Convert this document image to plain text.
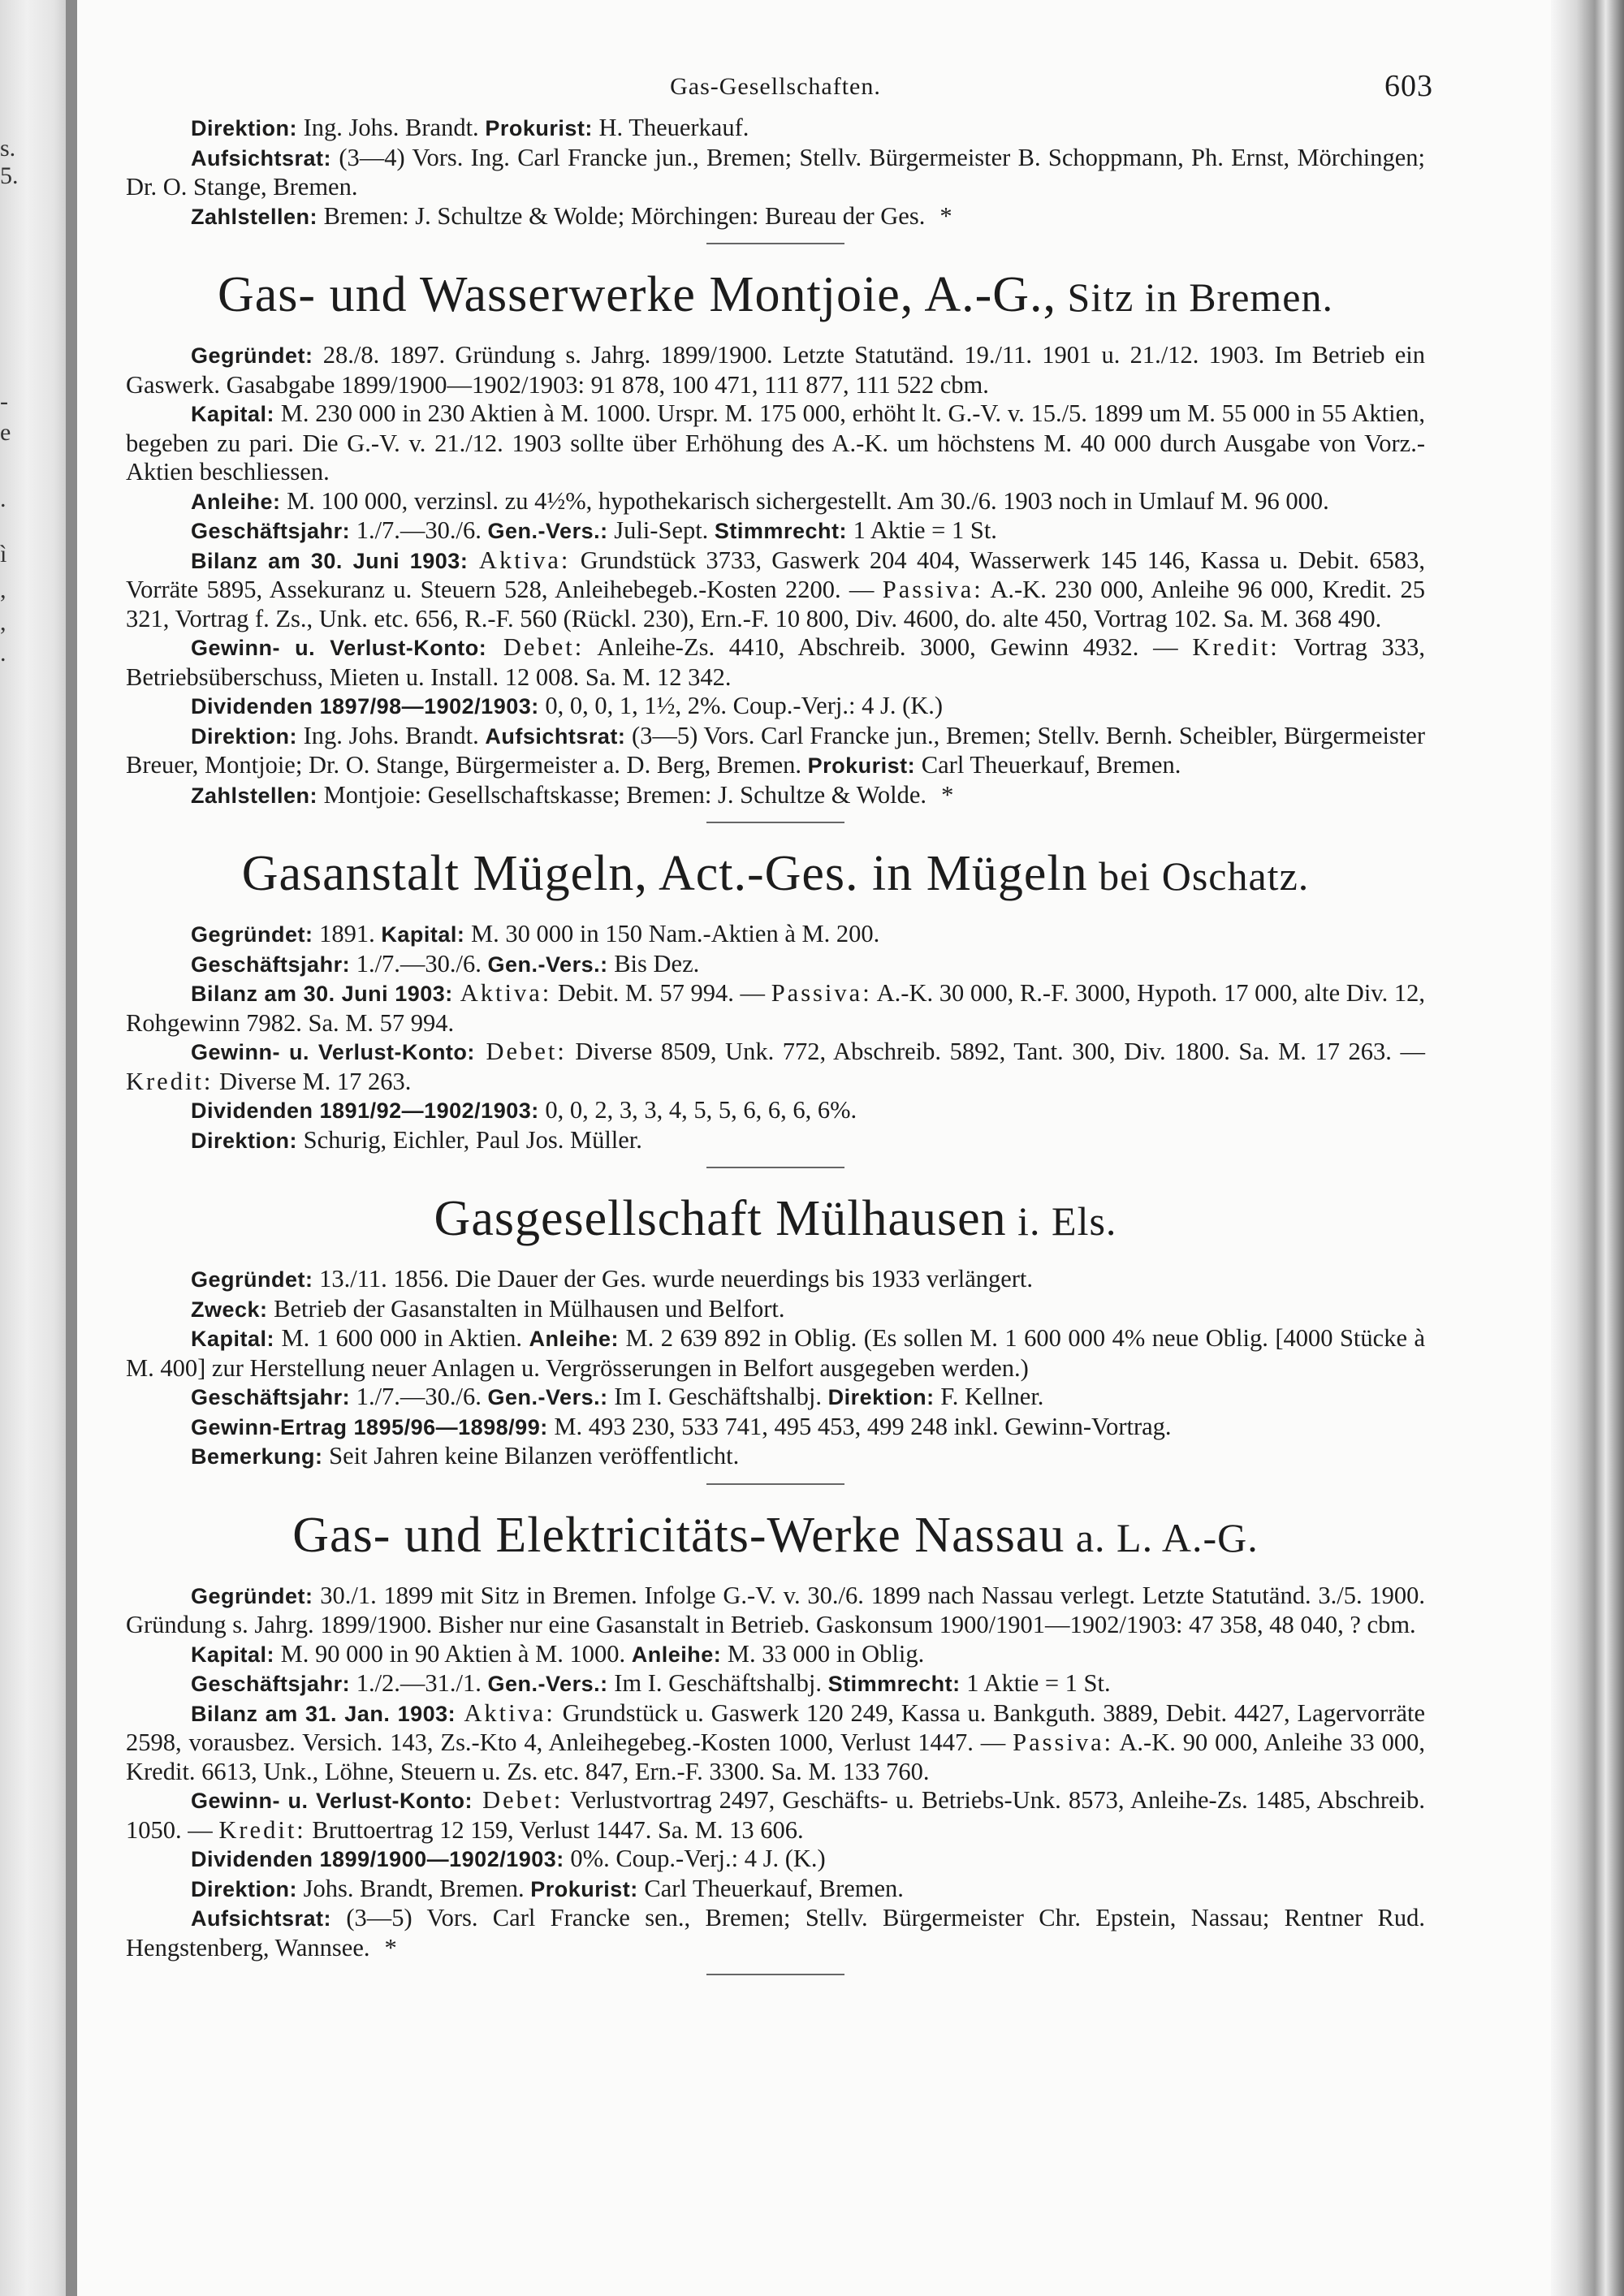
s.
5.
-
e
.
ì
,
,
.
Gas-Gesellschaften.	603

Direktion: Ing. Johs. Brandt. Prokurist: H. Theuerkauf.

Aufsichtsrat: (3—4) Vors. Ing. Carl Francke jun., Bremen; Stellv. Bürgermeister B. Schoppmann, Ph. Ernst, Mörchingen; Dr. O. Stange, Bremen.

Zahlstellen: Bremen: J. Schultze & Wolde; Mörchingen: Bureau der Ges. *

Gas- und Wasserwerke Montjoie, A.-G., Sitz in Bremen.

Gegründet: 28./8. 1897. Gründung s. Jahrg. 1899/1900. Letzte Statutänd. 19./11. 1901 u. 21./12. 1903. Im Betrieb ein Gaswerk. Gasabgabe 1899/1900—1902/1903: 91 878, 100 471, 111 877, 111 522 cbm.

Kapital: M. 230 000 in 230 Aktien à M. 1000. Urspr. M. 175 000, erhöht lt. G.-V. v. 15./5. 1899 um M. 55 000 in 55 Aktien, begeben zu pari. Die G.-V. v. 21./12. 1903 sollte über Erhöhung des A.-K. um höchstens M. 40 000 durch Ausgabe von Vorz.-Aktien beschliessen.

Anleihe: M. 100 000, verzinsl. zu 4½%, hypothekarisch sichergestellt. Am 30./6. 1903 noch in Umlauf M. 96 000.

Geschäftsjahr: 1./7.—30./6. Gen.-Vers.: Juli-Sept. Stimmrecht: 1 Aktie = 1 St.

Bilanz am 30. Juni 1903: Aktiva: Grundstück 3733, Gaswerk 204 404, Wasserwerk 145 146, Kassa u. Debit. 6583, Vorräte 5895, Assekuranz u. Steuern 528, Anleihebegeb.-Kosten 2200. — Passiva: A.-K. 230 000, Anleihe 96 000, Kredit. 25 321, Vortrag f. Zs., Unk. etc. 656, R.-F. 560 (Rückl. 230), Ern.-F. 10 800, Div. 4600, do. alte 450, Vortrag 102. Sa. M. 368 490.

Gewinn- u. Verlust-Konto: Debet: Anleihe-Zs. 4410, Abschreib. 3000, Gewinn 4932. — Kredit: Vortrag 333, Betriebsüberschuss, Mieten u. Install. 12 008. Sa. M. 12 342.

Dividenden 1897/98—1902/1903: 0, 0, 0, 1, 1½, 2%. Coup.-Verj.: 4 J. (K.)

Direktion: Ing. Johs. Brandt. Aufsichtsrat: (3—5) Vors. Carl Francke jun., Bremen; Stellv. Bernh. Scheibler, Bürgermeister Breuer, Montjoie; Dr. O. Stange, Bürgermeister a. D. Berg, Bremen. Prokurist: Carl Theuerkauf, Bremen.

Zahlstellen: Montjoie: Gesellschaftskasse; Bremen: J. Schultze & Wolde. *

Gasanstalt Mügeln, Act.-Ges. in Mügeln bei Oschatz.

Gegründet: 1891. Kapital: M. 30 000 in 150 Nam.-Aktien à M. 200.

Geschäftsjahr: 1./7.—30./6. Gen.-Vers.: Bis Dez.

Bilanz am 30. Juni 1903: Aktiva: Debit. M. 57 994. — Passiva: A.-K. 30 000, R.-F. 3000, Hypoth. 17 000, alte Div. 12, Rohgewinn 7982. Sa. M. 57 994.

Gewinn- u. Verlust-Konto: Debet: Diverse 8509, Unk. 772, Abschreib. 5892, Tant. 300, Div. 1800. Sa. M. 17 263. — Kredit: Diverse M. 17 263.

Dividenden 1891/92—1902/1903: 0, 0, 2, 3, 3, 4, 5, 5, 6, 6, 6, 6%.

Direktion: Schurig, Eichler, Paul Jos. Müller.

Gasgesellschaft Mülhausen i. Els.

Gegründet: 13./11. 1856. Die Dauer der Ges. wurde neuerdings bis 1933 verlängert.

Zweck: Betrieb der Gasanstalten in Mülhausen und Belfort.

Kapital: M. 1 600 000 in Aktien. Anleihe: M. 2 639 892 in Oblig. (Es sollen M. 1 600 000 4% neue Oblig. [4000 Stücke à M. 400] zur Herstellung neuer Anlagen u. Vergrösserungen in Belfort ausgegeben werden.)

Geschäftsjahr: 1./7.—30./6. Gen.-Vers.: Im I. Geschäftshalbj. Direktion: F. Kellner.

Gewinn-Ertrag 1895/96—1898/99: M. 493 230, 533 741, 495 453, 499 248 inkl. Gewinn-Vortrag.

Bemerkung: Seit Jahren keine Bilanzen veröffentlicht.

Gas- und Elektricitäts-Werke Nassau a. L. A.-G.

Gegründet: 30./1. 1899 mit Sitz in Bremen. Infolge G.-V. v. 30./6. 1899 nach Nassau verlegt. Letzte Statutänd. 3./5. 1900. Gründung s. Jahrg. 1899/1900. Bisher nur eine Gasanstalt in Betrieb. Gaskonsum 1900/1901—1902/1903: 47 358, 48 040, ? cbm.

Kapital: M. 90 000 in 90 Aktien à M. 1000. Anleihe: M. 33 000 in Oblig.

Geschäftsjahr: 1./2.—31./1. Gen.-Vers.: Im I. Geschäftshalbj. Stimmrecht: 1 Aktie = 1 St.

Bilanz am 31. Jan. 1903: Aktiva: Grundstück u. Gaswerk 120 249, Kassa u. Bankguth. 3889, Debit. 4427, Lagervorräte 2598, vorausbez. Versich. 143, Zs.-Kto 4, Anleihegebeg.-Kosten 1000, Verlust 1447. — Passiva: A.-K. 90 000, Anleihe 33 000, Kredit. 6613, Unk., Löhne, Steuern u. Zs. etc. 847, Ern.-F. 3300. Sa. M. 133 760.

Gewinn- u. Verlust-Konto: Debet: Verlustvortrag 2497, Geschäfts- u. Betriebs-Unk. 8573, Anleihe-Zs. 1485, Abschreib. 1050. — Kredit: Bruttoertrag 12 159, Verlust 1447. Sa. M. 13 606.

Dividenden 1899/1900—1902/1903: 0%. Coup.-Verj.: 4 J. (K.)

Direktion: Johs. Brandt, Bremen. Prokurist: Carl Theuerkauf, Bremen.

Aufsichtsrat: (3—5) Vors. Carl Francke sen., Bremen; Stellv. Bürgermeister Chr. Epstein, Nassau; Rentner Rud. Hengstenberg, Wannsee. *
